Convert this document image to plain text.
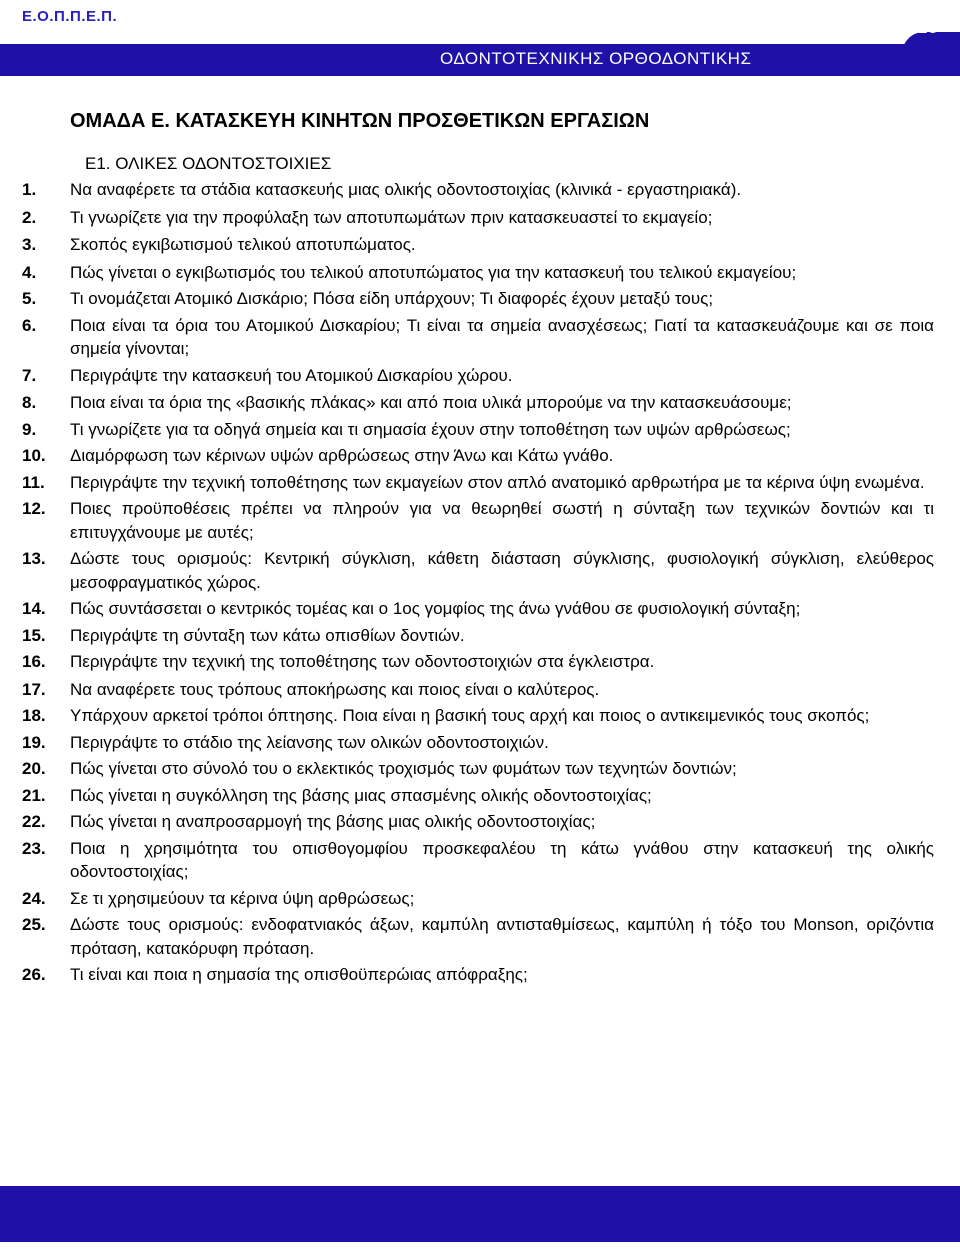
Ε.Ο.Π.Π.Ε.Π.
ΟΔΟΝΤΟΤΕΧΝΙΚΗΣ ΟΡΘΟΔΟΝΤΙΚΗΣ
ΟΜΑΔΑ Ε. ΚΑΤΑΣΚΕΥΗ ΚΙΝΗΤΩΝ ΠΡΟΣΘΕΤΙΚΩΝ ΕΡΓΑΣΙΩΝ
Ε1. ΟΛΙΚΕΣ ΟΔΟΝΤΟΣΤΟΙΧΙΕΣ
1.	Να αναφέρετε τα στάδια κατασκευής μιας ολικής οδοντοστοιχίας (κλινικά - εργαστηριακά).
2.	Τι γνωρίζετε για την προφύλαξη των αποτυπωμάτων πριν κατασκευαστεί το εκμαγείο;
3.	Σκοπός εγκιβωτισμού τελικού αποτυπώματος.
4.	Πώς γίνεται ο εγκιβωτισμός του τελικού αποτυπώματος για την κατασκευή του τελικού εκμαγείου;
5.	Τι ονομάζεται Ατομικό Δισκάριο; Πόσα είδη υπάρχουν; Τι διαφορές έχουν μεταξύ τους;
6.	Ποια είναι τα όρια του Ατομικού Δισκαρίου; Τι είναι τα σημεία ανασχέσεως; Γιατί τα κατασκευάζουμε και σε ποια σημεία γίνονται;
7.	Περιγράψτε την κατασκευή του Ατομικού Δισκαρίου χώρου.
8.	Ποια είναι τα όρια της «βασικής πλάκας» και από ποια υλικά μπορούμε να την κατασκευάσουμε;
9.	Τι γνωρίζετε για τα οδηγά σημεία και τι σημασία έχουν στην τοποθέτηση των υψών αρθρώσεως;
10.	Διαμόρφωση των κέρινων υψών αρθρώσεως στην Άνω και Κάτω γνάθο.
11.	Περιγράψτε την τεχνική τοποθέτησης των εκμαγείων στον απλό ανατομικό αρθρωτήρα με τα κέρινα ύψη ενωμένα.
12.	Ποιες προϋποθέσεις πρέπει να πληρούν για να θεωρηθεί σωστή η σύνταξη των τεχνικών δοντιών και τι επιτυγχάνουμε με αυτές;
13.	Δώστε τους ορισμούς: Κεντρική σύγκλιση, κάθετη διάσταση σύγκλισης, φυσιολογική σύγκλιση, ελεύθερος μεσοφραγματικός χώρος.
14.	Πώς συντάσσεται ο κεντρικός τομέας και ο 1ος γομφίος της άνω γνάθου σε φυσιολογική σύνταξη;
15.	Περιγράψτε τη σύνταξη των κάτω οπισθίων δοντιών.
16.	Περιγράψτε την τεχνική της τοποθέτησης των οδοντοστοιχιών στα έγκλειστρα.
17.	Να αναφέρετε τους τρόπους αποκήρωσης και ποιος είναι ο καλύτερος.
18.	Υπάρχουν αρκετοί τρόποι όπτησης. Ποια είναι η βασική τους αρχή και ποιος ο αντικειμενικός τους σκοπός;
19.	Περιγράψτε το στάδιο της λείανσης των ολικών οδοντοστοιχιών.
20.	Πώς γίνεται στο σύνολό του ο εκλεκτικός τροχισμός των φυμάτων των τεχνητών δοντιών;
21.	Πώς γίνεται η συγκόλληση της βάσης μιας σπασμένης ολικής οδοντοστοιχίας;
22.	Πώς γίνεται η αναπροσαρμογή της βάσης μιας ολικής οδοντοστοιχίας;
23.	Ποια η χρησιμότητα του οπισθογομφίου προσκεφαλέου τη κάτω γνάθου στην κατασκευή της ολικής οδοντοστοιχίας;
24.	Σε τι χρησιμεύουν τα κέρινα ύψη αρθρώσεως;
25.	Δώστε τους ορισμούς: ενδοφατνιακός άξων, καμπύλη αντισταθμίσεως, καμπύλη ή τόξο του Monson, οριζόντια πρόταση, κατακόρυφη πρόταση.
26.	Τι είναι και ποια η σημασία της οπισθοϋπερώιας απόφραξης;
Σελίδα 16 από 28
